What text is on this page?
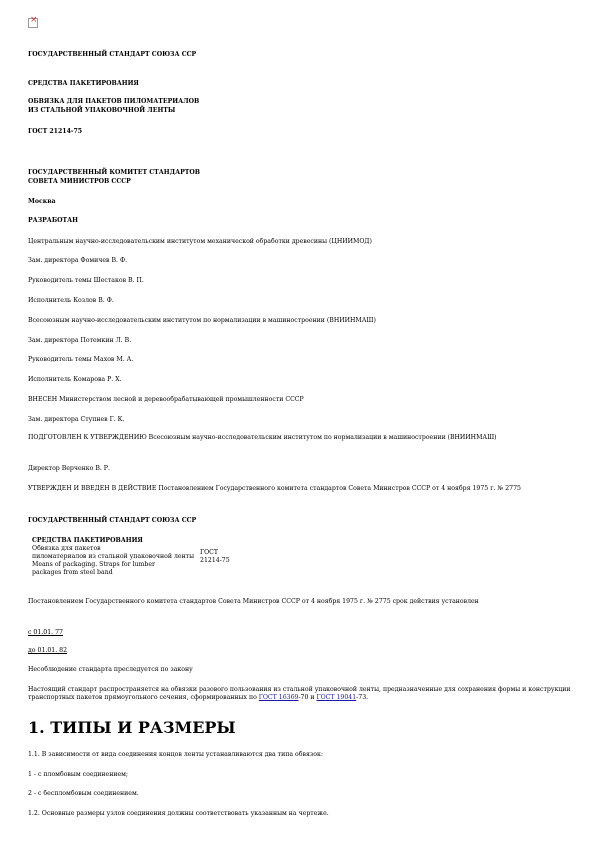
×
ГОСУДАРСТВЕННЫЙ СТАНДАРТ СОЮЗА ССР
СРЕДСТВА ПАКЕТИРОВАНИЯ
ОБВЯЗКА ДЛЯ ПАКЕТОВ ПИЛОМАТЕРИАЛОВ
ИЗ СТАЛЬНОЙ УПАКОВОЧНОЙ ЛЕНТЫ
ГОСТ 21214-75
ГОСУДАРСТВЕННЫЙ КОМИТЕТ СТАНДАРТОВ
СОВЕТА МИНИСТРОВ СССР
Москва
РАЗРАБОТАН
Центральным научно-исследовательским институтом механической обработки древесины (ЦНИИМОД)
Зам. директора Фомичев В. Ф.
Руководитель темы Шестаков В. П.
Исполнитель Козлов В. Ф.
Всесоюзным научно-исследовательским институтом по нормализации в машиностроении (ВНИИНМАШ)
Зам. директора Потемкин Л. В.
Руководитель темы Махов М. А.
Исполнитель Комарова Р. Х.
ВНЕСЕН Министерством лесной и деревообрабатывающей промышленности СССР
Зам. директора Ступнев Г. К.
ПОДГОТОВЛЕН К УТВЕРЖДЕНИЮ Всесоюзным научно-исследовательским институтом по нормализации в машиностроении (ВНИИНМАШ)
Директор Верченко В. Р.
УТВЕРЖДЕН И ВВЕДЕН В ДЕЙСТВИЕ Постановлением Государственного комитета стандартов Совета Министров СССР от 4 ноября 1975 г. № 2775
ГОСУДАРСТВЕННЫЙ СТАНДАРТ СОЮЗА ССР
СРЕДСТВА ПАКЕТИРОВАНИЯ
Обвязка для пакетов
пиломатериалов из стальной упаковочной ленты
Means of packaging. Straps for lumber
packages from steel band

ГОСТ
21214-75
Постановлением Государственного комитета стандартов Совета Министров СССР от 4 ноября 1975 г. № 2775 срок действия установлен
с 01.01. 77
до 01.01. 82
Несоблюдение стандарта преследуется по закону
Настоящий стандарт распространяется на обвязки разового пользования из стальной упаковочной ленты, предназначенные для сохранения формы и конструкции транспортных пакетов прямоугольного сечения, сформированных по ГОСТ 16369-70 и ГОСТ 19041-73.
1. ТИПЫ И РАЗМЕРЫ
1.1. В зависимости от вида соединения концов ленты устанавливаются два типа обвязок:
1 - с пломбовым соединением;
2 - с беспломбовым соединением.
1.2. Основные размеры узлов соединения должны соответствовать указанным на чертеже.
